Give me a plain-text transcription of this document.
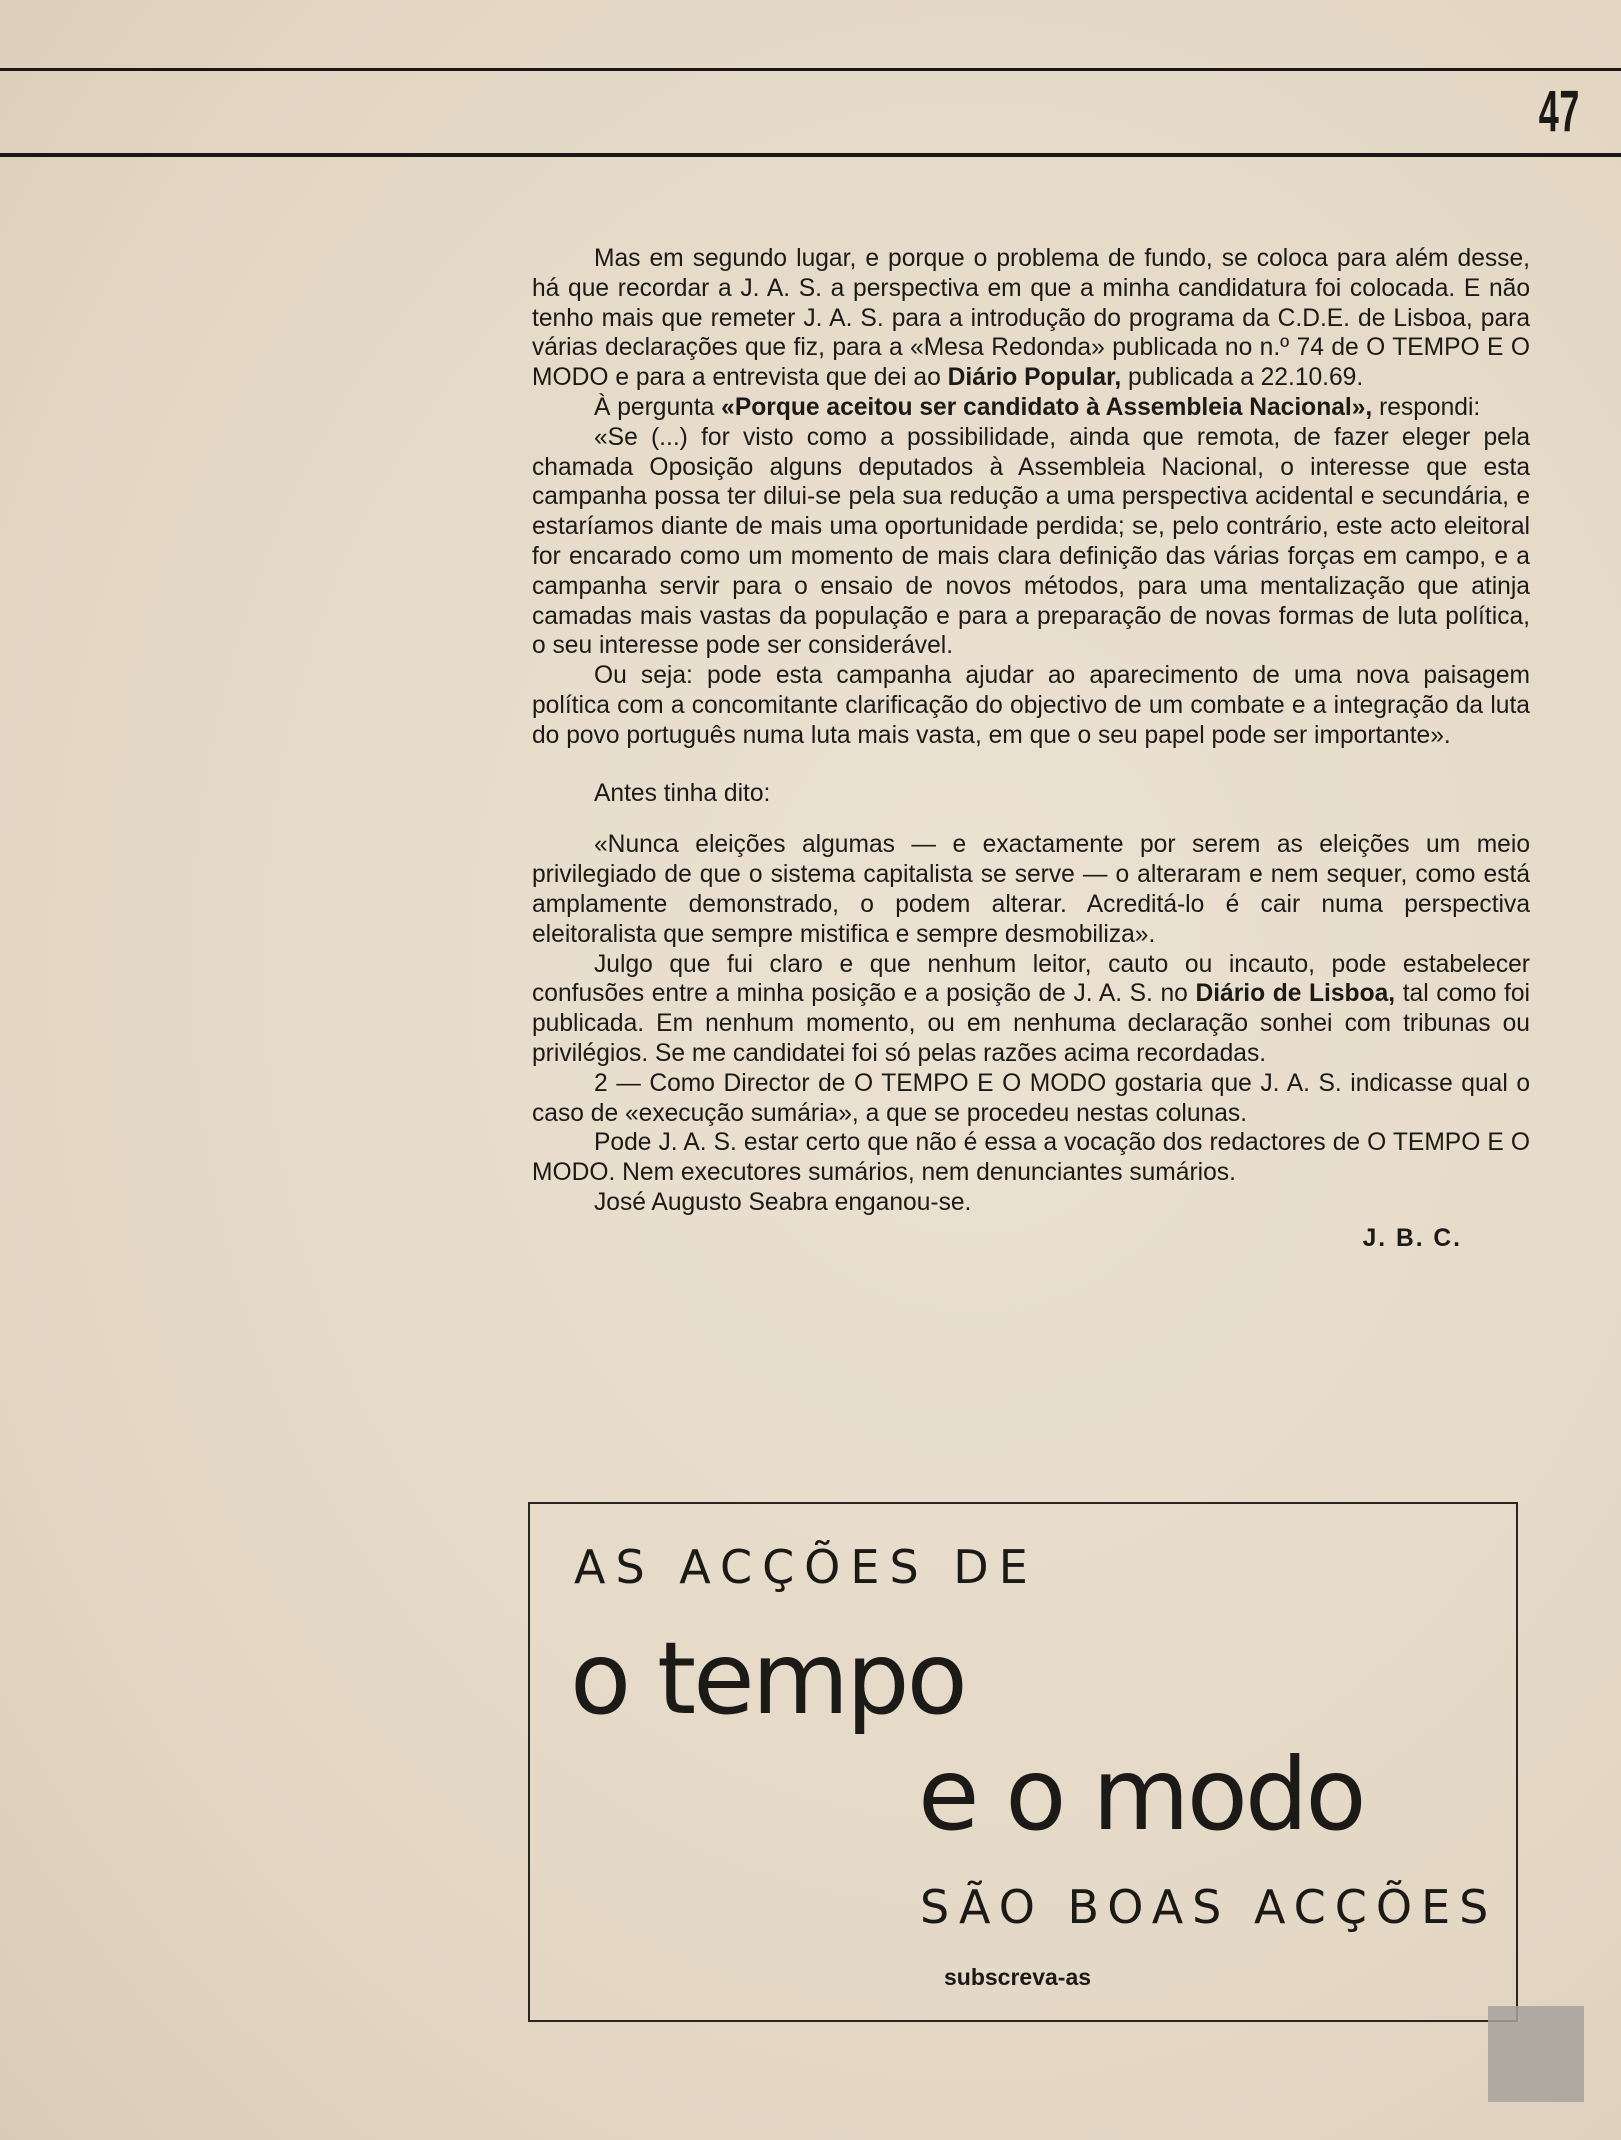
47

Mas em segundo lugar, e porque o problema de fundo, se coloca para além desse, há que recordar a J. A. S. a perspectiva em que a minha candidatura foi colocada. E não tenho mais que remeter J. A. S. para a introdução do programa da C.D.E. de Lisboa, para várias declarações que fiz, para a «Mesa Redonda» publicada no n.º 74 de O TEMPO E O MODO e para a entrevista que dei ao Diário Popular, publicada a 22.10.69.

À pergunta «Porque aceitou ser candidato à Assembleia Nacional», respondi:

«Se (...) for visto como a possibilidade, ainda que remota, de fazer eleger pela chamada Oposição alguns deputados à Assembleia Nacional, o interesse que esta campanha possa ter dilui-se pela sua redução a uma perspectiva acidental e secundária, e estaríamos diante de mais uma oportunidade perdida; se, pelo contrário, este acto eleitoral for encarado como um momento de mais clara definição das várias forças em campo, e a campanha servir para o ensaio de novos métodos, para uma mentalização que atinja camadas mais vastas da população e para a preparação de novas formas de luta política, o seu interesse pode ser considerável.

Ou seja: pode esta campanha ajudar ao aparecimento de uma nova paisagem política com a concomitante clarificação do objectivo de um combate e a integração da luta do povo português numa luta mais vasta, em que o seu papel pode ser importante».

Antes tinha dito:

«Nunca eleições algumas — e exactamente por serem as eleições um meio privilegiado de que o sistema capitalista se serve — o alteraram e nem sequer, como está amplamente demonstrado, o podem alterar. Acreditá-lo é cair numa perspectiva eleitoralista que sempre mistifica e sempre desmobiliza».

Julgo que fui claro e que nenhum leitor, cauto ou incauto, pode estabelecer confusões entre a minha posição e a posição de J. A. S. no Diário de Lisboa, tal como foi publicada. Em nenhum momento, ou em nenhuma declaração sonhei com tribunas ou privilégios. Se me candidatei foi só pelas razões acima recordadas.

2 — Como Director de O TEMPO E O MODO gostaria que J. A. S. indicasse qual o caso de «execução sumária», a que se procedeu nestas colunas.

Pode J. A. S. estar certo que não é essa a vocação dos redactores de O TEMPO E O MODO. Nem executores sumários, nem denunciantes sumários.

José Augusto Seabra enganou-se.

J. B. C.
AS ACÇÕES DE
o tempo
e o modo
SÃO BOAS ACÇÕES
subscreva-as
